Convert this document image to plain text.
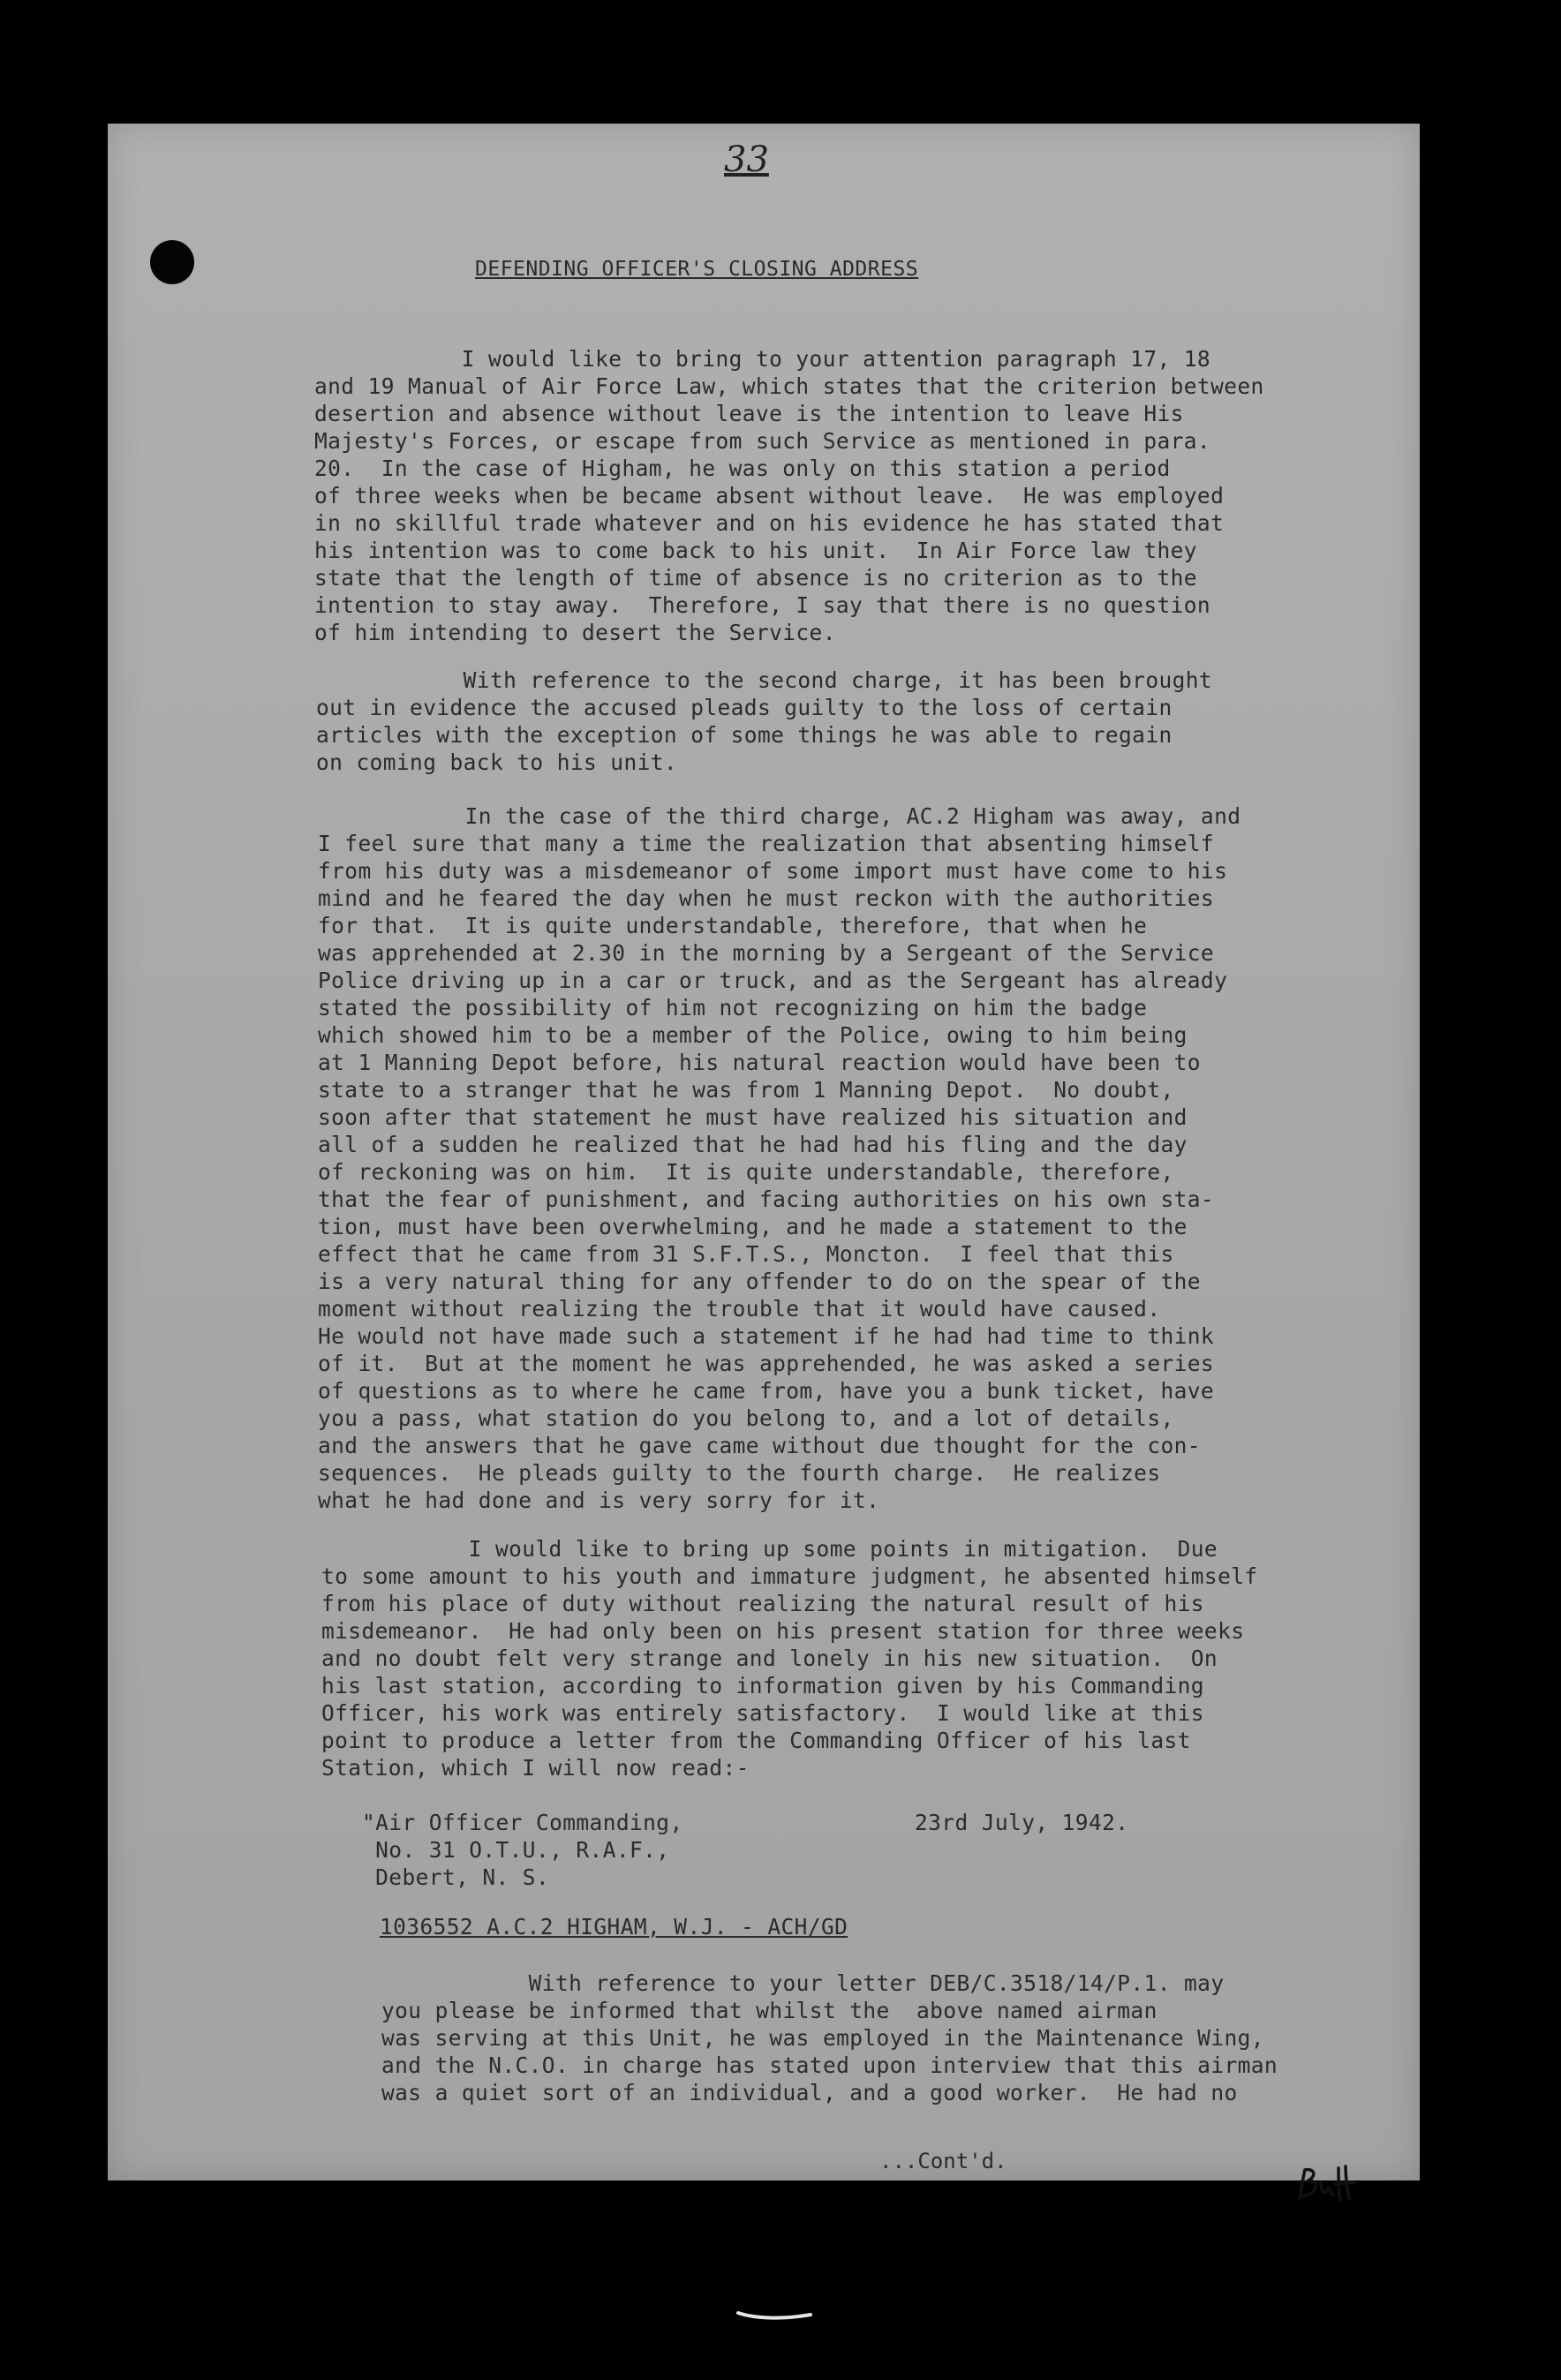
33
DEFENDING OFFICER'S CLOSING ADDRESS
I would like to bring to your attention paragraph 17, 18
and 19 Manual of Air Force Law, which states that the criterion between
desertion and absence without leave is the intention to leave His
Majesty's Forces, or escape from such Service as mentioned in para.
20.  In the case of Higham, he was only on this station a period
of three weeks when be became absent without leave.  He was employed
in no skillful trade whatever and on his evidence he has stated that
his intention was to come back to his unit.  In Air Force law they
state that the length of time of absence is no criterion as to the
intention to stay away.  Therefore, I say that there is no question
of him intending to desert the Service.
With reference to the second charge, it has been brought
out in evidence the accused pleads guilty to the loss of certain
articles with the exception of some things he was able to regain
on coming back to his unit.
In the case of the third charge, AC.2 Higham was away, and
I feel sure that many a time the realization that absenting himself
from his duty was a misdemeanor of some import must have come to his
mind and he feared the day when he must reckon with the authorities
for that.  It is quite understandable, therefore, that when he
was apprehended at 2.30 in the morning by a Sergeant of the Service
Police driving up in a car or truck, and as the Sergeant has already
stated the possibility of him not recognizing on him the badge
which showed him to be a member of the Police, owing to him being
at 1 Manning Depot before, his natural reaction would have been to
state to a stranger that he was from 1 Manning Depot.  No doubt,
soon after that statement he must have realized his situation and
all of a sudden he realized that he had had his fling and the day
of reckoning was on him.  It is quite understandable, therefore,
that the fear of punishment, and facing authorities on his own sta-
tion, must have been overwhelming, and he made a statement to the
effect that he came from 31 S.F.T.S., Moncton.  I feel that this
is a very natural thing for any offender to do on the spear of the
moment without realizing the trouble that it would have caused.
He would not have made such a statement if he had had time to think
of it.  But at the moment he was apprehended, he was asked a series
of questions as to where he came from, have you a bunk ticket, have
you a pass, what station do you belong to, and a lot of details,
and the answers that he gave came without due thought for the con-
sequences.  He pleads guilty to the fourth charge.  He realizes
what he had done and is very sorry for it.
I would like to bring up some points in mitigation.  Due
to some amount to his youth and immature judgment, he absented himself
from his place of duty without realizing the natural result of his
misdemeanor.  He had only been on his present station for three weeks
and no doubt felt very strange and lonely in his new situation.  On
his last station, according to information given by his Commanding
Officer, his work was entirely satisfactory.  I would like at this
point to produce a letter from the Commanding Officer of his last
Station, which I will now read:-
"Air Officer Commanding,
No. 31 O.T.U., R.A.F.,
Debert, N. S.
23rd July, 1942.
1036552 A.C.2 HIGHAM, W.J. - ACH/GD
With reference to your letter DEB/C.3518/14/P.1. may
you please be informed that whilst the  above named airman
was serving at this Unit, he was employed in the Maintenance Wing,
and the N.C.O. in charge has stated upon interview that this airman
was a quiet sort of an individual, and a good worker.  He had no
...Cont'd.
